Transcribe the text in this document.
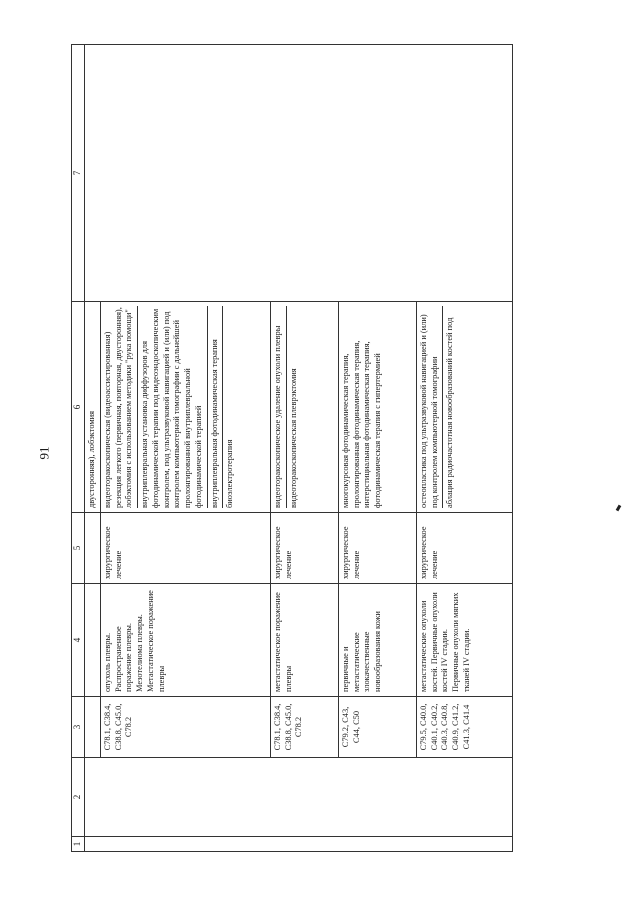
91
1	2	3	4	5	6	7
					двусторонняя), лобэктомия	
		C78.1, C38.4, C38.8, C45.0, C78.2	опухоль плевры. Распространенное поражение плевры. Мезотелиома плевры. Метастатическое поражение плевры	хирургическое лечение	видеоторакоскопическая (видеоассистированная) резекция легкого (первичная, повторная, двусторонняя), лобэктомия с использованием методики "рука помощи" внутриплевральная установка диффузоров для фотодинамической терапии под видеоэндоскопическим контролем, под ультразвуковой навигацией и (или) под контролем компьютерной томографии с дальнейшей пролонгированной внутриплевральной фотодинамической терапией внутриплевральная фотодинамическая терапия биоэлектротерапия	

		C78.1, C38.4, C38.8, C45.0, C78.2	метастатическое поражение плевры	хирургическое лечение	видеоторакоскопическое удаление опухоли плевры видеоторакоскопическая плеврэктомия	

		C79.2, C43, C44, C50	первичные и метастатические злокачественные новообразования кожи	хирургическое лечение	многокурсовая фотодинамическая терапия, пролонгированная фотодинамическая терапия, интерстициальная фотодинамическая терапия, фотодинамическая терапия с гипертермией	

		C79.5, C40.0, C40.1, C40.2, C40.3, C40.8, C40.9, C41.2, C41.3, C41.4	метастатические опухоли костей. Первичные опухоли костей IV стадии. Первичные опухоли мягких тканей IV стадии.	хирургическое лечение	остеопластика под ультразвуковой навигацией и (или) под контролем компьютерной томографии аблация радиочастотная новообразований костей под	
